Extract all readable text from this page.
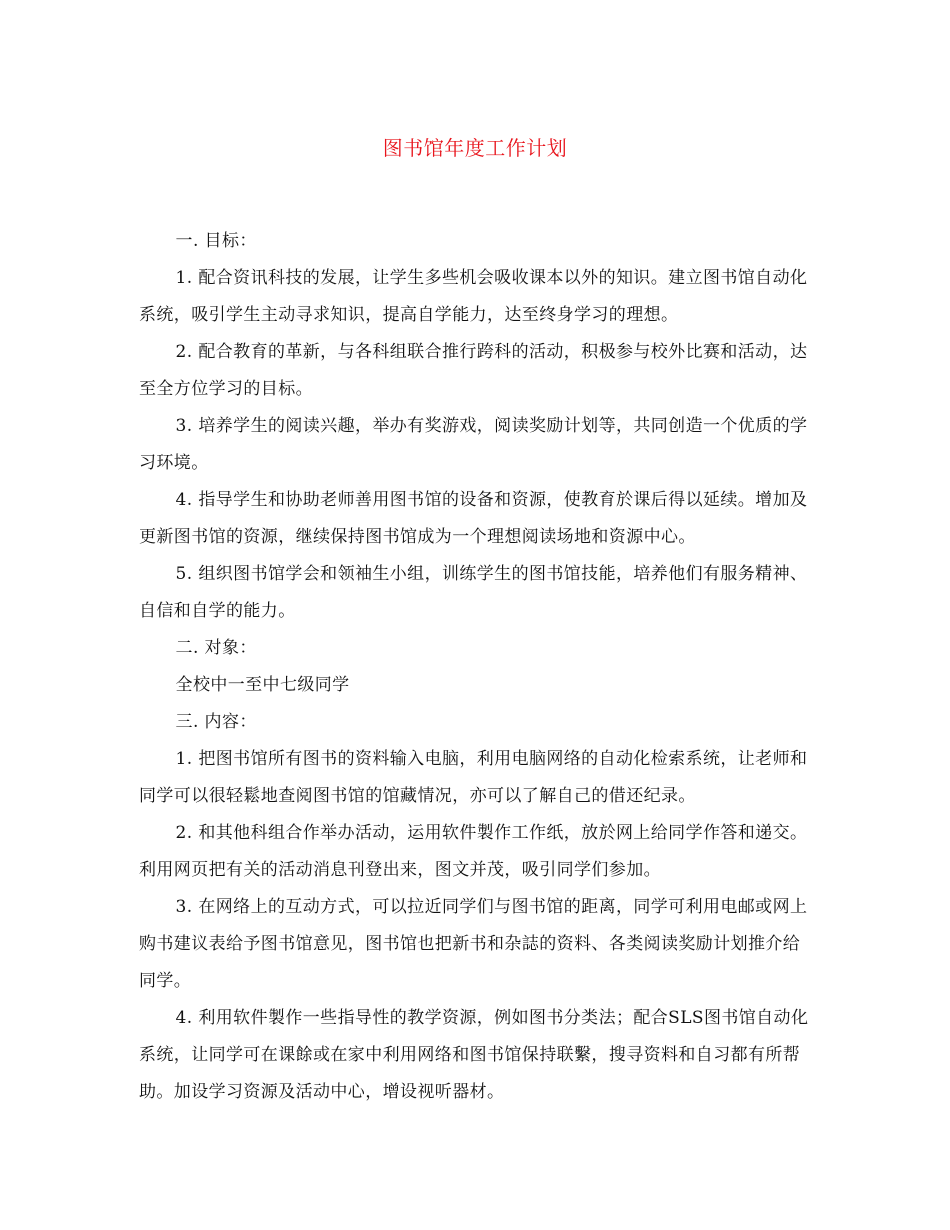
图书馆年度工作计划

一. 目标：

1. 配合资讯科技的发展，让学生多些机会吸收课本以外的知识。建立图书馆自动化系统，吸引学生主动寻求知识，提高自学能力，达至终身学习的理想。

2. 配合教育的革新，与各科组联合推行跨科的活动，积极参与校外比赛和活动，达至全方位学习的目标。

3. 培养学生的阅读兴趣，举办有奖游戏，阅读奖励计划等，共同创造一个优质的学习环境。

4. 指导学生和协助老师善用图书馆的设备和资源，使教育於课后得以延续。增加及更新图书馆的资源，继续保持图书馆成为一个理想阅读场地和资源中心。

5. 组织图书馆学会和领袖生小组，训练学生的图书馆技能，培养他们有服务精神、自信和自学的能力。

二. 对象：

全校中一至中七级同学

三. 内容：

1. 把图书馆所有图书的资料输入电脑，利用电脑网络的自动化检索系统，让老师和同学可以很轻鬆地查阅图书馆的馆藏情况，亦可以了解自己的借还纪录。

2. 和其他科组合作举办活动，运用软件製作工作纸，放於网上给同学作答和递交。利用网页把有关的活动消息刊登出来，图文并茂，吸引同学们参加。

3. 在网络上的互动方式，可以拉近同学们与图书馆的距离，同学可利用电邮或网上购书建议表给予图书馆意见，图书馆也把新书和杂誌的资料、各类阅读奖励计划推介给同学。

4. 利用软件製作一些指导性的教学资源，例如图书分类法；配合SLS图书馆自动化系统，让同学可在课餘或在家中利用网络和图书馆保持联繫，搜寻资料和自习都有所帮助。加设学习资源及活动中心，增设视听器材。
